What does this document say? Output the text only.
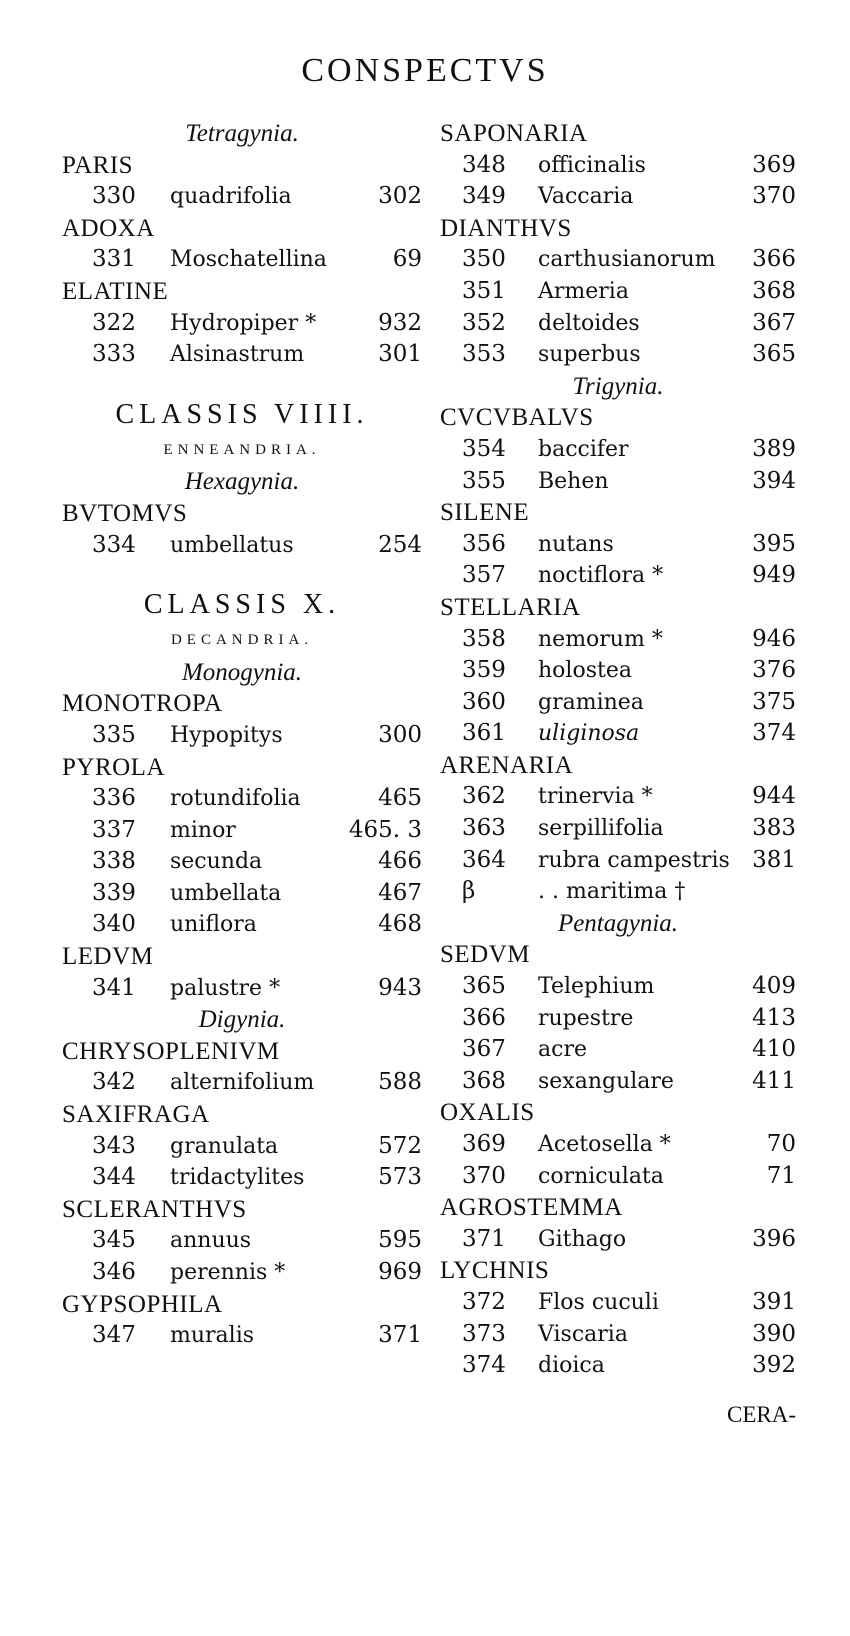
CONSPECTVS
Tetragynia.
PARIS
330 quadrifolia	302
ADOXA
331 Moschatellina	69
ELATINE
322 Hydropiper *	932
333 Alsinastrum	301
CLASSIS VIIII.
ENNEANDRIA.
Hexagynia.
BVTOMVS
334 umbellatus	254
CLASSIS X.
DECANDRIA.
Monogynia.
MONOTROPA
335 Hypopitys	300
PYROLA
336 rotundifolia	465
337 minor	465. 3
338 secunda	466
339 umbellata	467
340 uniflora	468
LEDVM
341 palustre *	943
Digynia.
CHRYSOPLENIVM
342 alternifolium	588
SAXIFRAGA
343 granulata	572
344 tridactylites	573
SCLERANTHVS
345 annuus	595
346 perennis *	969
GYPSOPHILA
347 muralis	371
SAPONARIA
348 officinalis	369
349 Vaccaria	370
DIANTHVS
350 carthusianorum 366
351 Armeria	368
352 deltoides	367
353 superbus	365
Trigynia.
CVCVBALVS
354 baccifer	389
355 Behen	394
SILENE
356 nutans	395
357 noctiflora *	949
STELLARIA
358 nemorum *	946
359 holostea	376
360 graminea	375
361 uliginosa	374
ARENARIA
362 trinervia *	944
363 serpillifolia	383
364 rubra campestris 381
β	. . maritima †
Pentagynia.
SEDVM
365 Telephium	409
366 rupestre	413
367 acre	410
368 sexangulare	411
OXALIS
369 Acetosella *	70
370 corniculata	71
AGROSTEMMA
371 Githago	396
LYCHNIS
372 Flos cuculi	391
373 Viscaria	390
374 dioica	392
CERA-
